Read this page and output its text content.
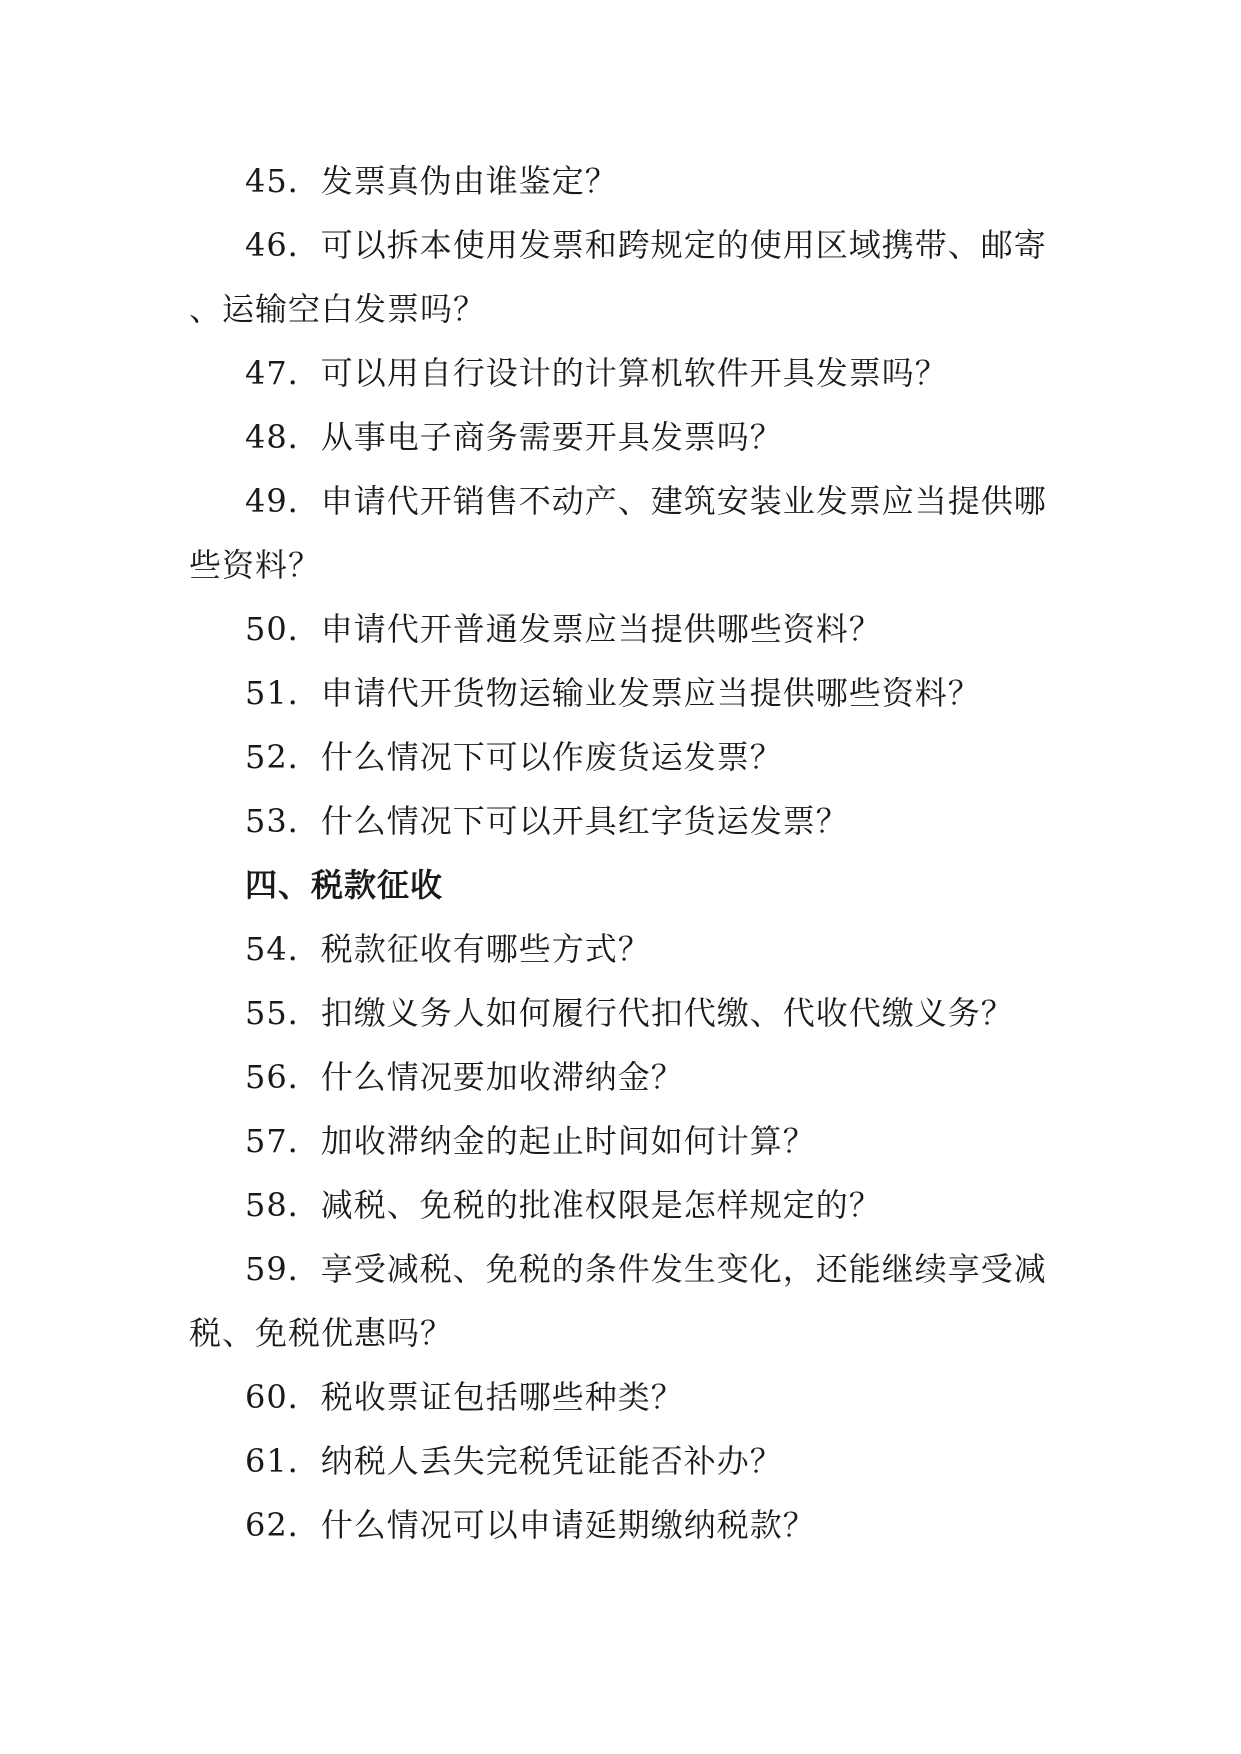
45．发票真伪由谁鉴定？
46．可以拆本使用发票和跨规定的使用区域携带、邮寄
、运输空白发票吗？
47．可以用自行设计的计算机软件开具发票吗？
48．从事电子商务需要开具发票吗？
49．申请代开销售不动产、建筑安装业发票应当提供哪
些资料？
50．申请代开普通发票应当提供哪些资料？
51．申请代开货物运输业发票应当提供哪些资料？
52．什么情况下可以作废货运发票？
53．什么情况下可以开具红字货运发票？
四、税款征收
54．税款征收有哪些方式？
55．扣缴义务人如何履行代扣代缴、代收代缴义务？
56．什么情况要加收滞纳金？
57．加收滞纳金的起止时间如何计算？
58．减税、免税的批准权限是怎样规定的？
59．享受减税、免税的条件发生变化，还能继续享受减
税、免税优惠吗？
60．税收票证包括哪些种类？
61．纳税人丢失完税凭证能否补办？
62．什么情况可以申请延期缴纳税款？
